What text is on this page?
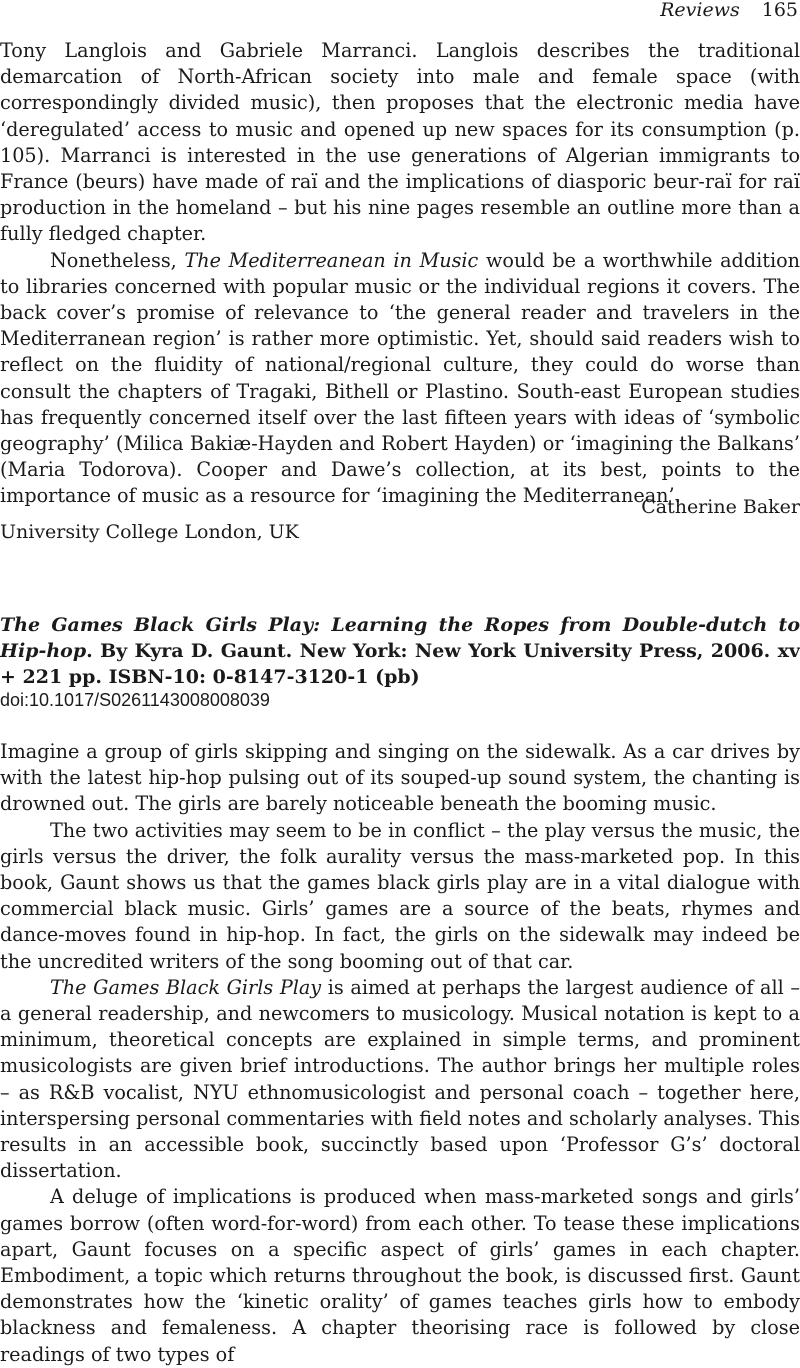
Reviews 165

Tony Langlois and Gabriele Marranci. Langlois describes the traditional demarcation of North-African society into male and female space (with correspondingly divided music), then proposes that the electronic media have ‘deregulated’ access to music and opened up new spaces for its consumption (p. 105). Marranci is interested in the use generations of Algerian immigrants to France (beurs) have made of raï and the implications of diasporic beur-raï for raï production in the homeland – but his nine pages resemble an outline more than a fully fledged chapter.

Nonetheless, The Mediterreanean in Music would be a worthwhile addition to libraries concerned with popular music or the individual regions it covers. The back cover’s promise of relevance to ‘the general reader and travelers in the Mediterranean region’ is rather more optimistic. Yet, should said readers wish to reflect on the fluidity of national/regional culture, they could do worse than consult the chapters of Tragaki, Bithell or Plastino. South-east European studies has frequently concerned itself over the last fifteen years with ideas of ‘symbolic geography’ (Milica Bakiæ-Hayden and Robert Hayden) or ‘imagining the Balkans’ (Maria Todorova). Cooper and Dawe’s collection, at its best, points to the importance of music as a resource for ‘imagining the Mediterranean’.

Catherine Baker
University College London, UK
The Games Black Girls Play: Learning the Ropes from Double-dutch to Hip-hop. By Kyra D. Gaunt. New York: New York University Press, 2006. xv + 221 pp. ISBN-10: 0-8147-3120-1 (pb)
doi:10.1017/S0261143008008039

Imagine a group of girls skipping and singing on the sidewalk. As a car drives by with the latest hip-hop pulsing out of its souped-up sound system, the chanting is drowned out. The girls are barely noticeable beneath the booming music.

The two activities may seem to be in conflict – the play versus the music, the girls versus the driver, the folk aurality versus the mass-marketed pop. In this book, Gaunt shows us that the games black girls play are in a vital dialogue with commercial black music. Girls’ games are a source of the beats, rhymes and dance-moves found in hip-hop. In fact, the girls on the sidewalk may indeed be the uncredited writers of the song booming out of that car.

The Games Black Girls Play is aimed at perhaps the largest audience of all – a general readership, and newcomers to musicology. Musical notation is kept to a minimum, theoretical concepts are explained in simple terms, and prominent musicologists are given brief introductions. The author brings her multiple roles – as R&B vocalist, NYU ethnomusicologist and personal coach – together here, interspersing personal commentaries with field notes and scholarly analyses. This results in an accessible book, succinctly based upon ‘Professor G’s’ doctoral dissertation.

A deluge of implications is produced when mass-marketed songs and girls’ games borrow (often word-for-word) from each other. To tease these implications apart, Gaunt focuses on a specific aspect of girls’ games in each chapter. Embodiment, a topic which returns throughout the book, is discussed first. Gaunt demonstrates how the ‘kinetic orality’ of games teaches girls how to embody blackness and femaleness. A chapter theorising race is followed by close readings of two types of
